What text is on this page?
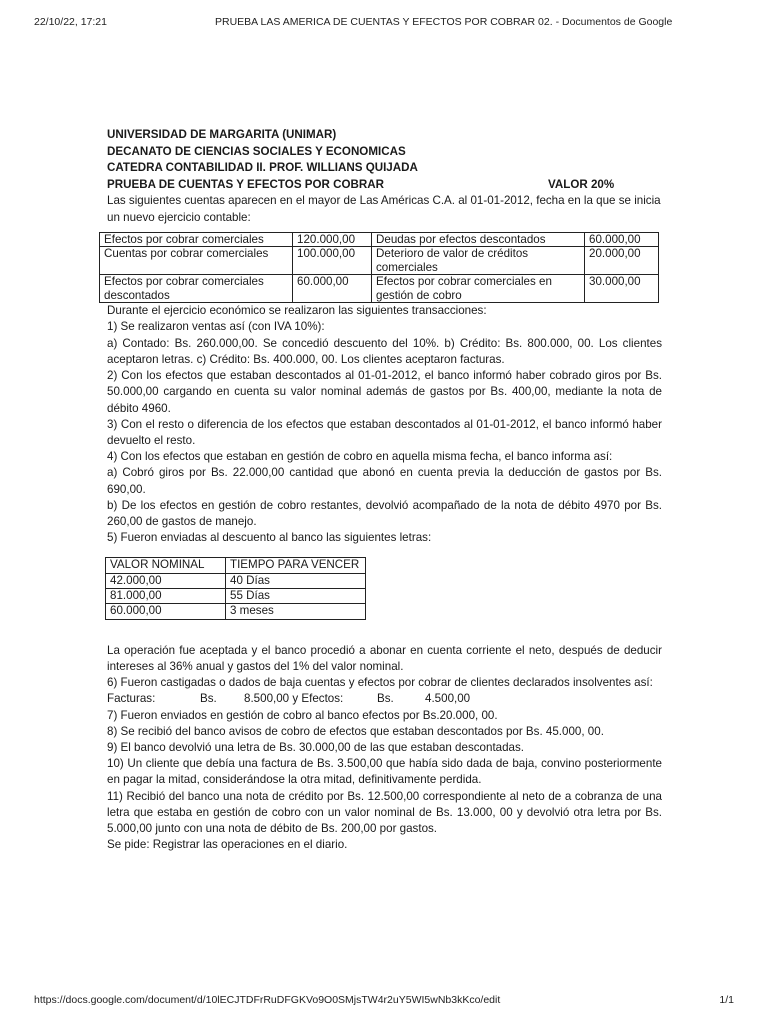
22/10/22, 17:21	PRUEBA LAS AMERICA DE CUENTAS Y EFECTOS POR COBRAR 02. - Documentos de Google
UNIVERSIDAD DE MARGARITA (UNIMAR)
DECANATO DE CIENCIAS SOCIALES Y ECONOMICAS
CATEDRA CONTABILIDAD II. PROF. WILLIANS QUIJADA
PRUEBA DE CUENTAS Y EFECTOS POR COBRAR	VALOR 20%

Las siguientes cuentas aparecen en el mayor de Las Américas C.A. al 01-01-2012, fecha en la que se inicia un nuevo ejercicio contable:

Efectos por cobrar comerciales	120.000,00	Deudas por efectos descontados	60.000,00
Cuentas por cobrar comerciales	100.000,00	Deterioro de valor de créditos comerciales	20.000,00
Efectos por cobrar comerciales descontados	60.000,00	Efectos por cobrar comerciales en gestión de cobro	30.000,00

Durante el ejercicio económico se realizaron las siguientes transacciones:

1) Se realizaron ventas así (con IVA 10%):

a) Contado: Bs. 260.000,00. Se concedió descuento del 10%. b) Crédito: Bs. 800.000, 00. Los clientes aceptaron letras. c) Crédito: Bs. 400.000, 00. Los clientes aceptaron facturas.

2) Con los efectos que estaban descontados al 01-01-2012, el banco informó haber cobrado giros por Bs. 50.000,00 cargando en cuenta su valor nominal además de gastos por Bs. 400,00, mediante la nota de débito 4960.

3) Con el resto o diferencia de los efectos que estaban descontados al 01-01-2012, el banco informó haber devuelto el resto.

4) Con los efectos que estaban en gestión de cobro en aquella misma fecha, el banco informa así:

a) Cobró giros por Bs. 22.000,00 cantidad que abonó en cuenta previa la deducción de gastos por Bs. 690,00.

b) De los efectos en gestión de cobro restantes, devolvió acompañado de la nota de débito 4970 por Bs. 260,00 de gastos de manejo.

5) Fueron enviadas al descuento al banco las siguientes letras:

VALOR NOMINAL	TIEMPO PARA VENCER
42.000,00	40 Días
81.000,00	55 Días
60.000,00	3 meses

La operación fue aceptada y el banco procedió a abonar en cuenta corriente el neto, después de deducir intereses al 36% anual y gastos del 1% del valor nominal.

6) Fueron castigadas o dados de baja cuentas y efectos por cobrar de clientes declarados insolventes así:

Facturas:	Bs. 8.500,00 y Efectos:	Bs.	4.500,00

7) Fueron enviados en gestión de cobro al banco efectos por Bs.20.000, 00.

8) Se recibió del banco avisos de cobro de efectos que estaban descontados por Bs. 45.000, 00.

9) El banco devolvió una letra de Bs. 30.000,00 de las que estaban descontadas.

10) Un cliente que debía una factura de Bs. 3.500,00 que había sido dada de baja, convino posteriormente en pagar la mitad, considerándose la otra mitad, definitivamente perdida.

11) Recibió del banco una nota de crédito por Bs. 12.500,00 correspondiente al neto de a cobranza de una letra que estaba en gestión de cobro con un valor nominal de Bs. 13.000, 00 y devolvió otra letra por Bs. 5.000,00 junto con una nota de débito de Bs. 200,00 por gastos.

Se pide: Registrar las operaciones en el diario.

https://docs.google.com/document/d/10lECJTDFrRuDFGKVo9O0SMjsTW4r2uY5WI5wNb3kKco/edit	1/1
